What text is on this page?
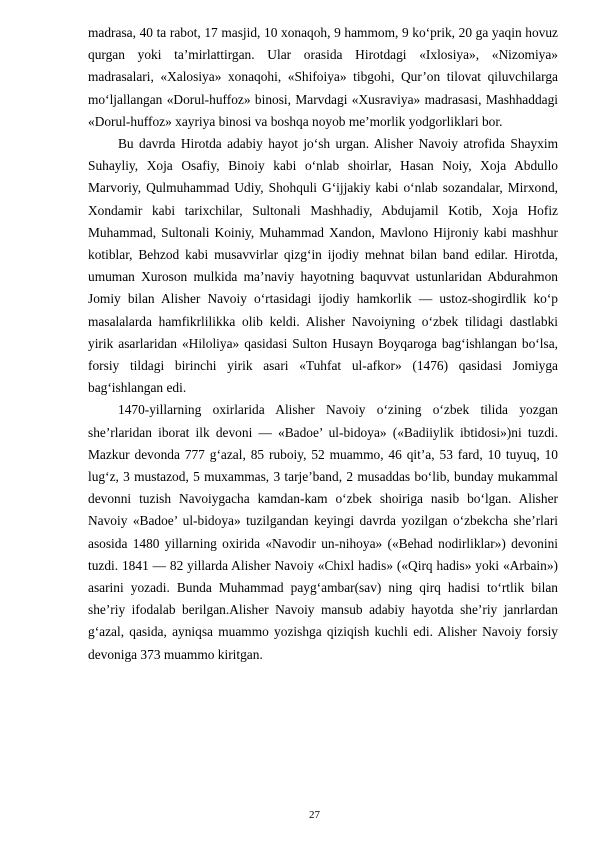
madrasa, 40 ta rabot, 17 masjid, 10 xonaqoh, 9 hammom, 9 ko‘prik, 20 ga yaqin hovuz qurgan yoki ta’mirlattirgan. Ular orasida Hirotdagi «Ixlosiya», «Nizomiya» madrasalari, «Xalosiya» xonaqohi, «Shifoiya» tibgohi, Qur’on tilovat qiluvchilarga mo‘ljallangan «Dorul-huffoz» binosi, Marvdagi «Xusraviya» madrasasi, Mashhaddagi «Dorul-huffoz» xayriya binosi va boshqa noyob me’morlik yodgorliklari bor.

Bu davrda Hirotda adabiy hayot jo‘sh urgan. Alisher Navoiy atrofida Shayxim Suhayliy, Xoja Osafiy, Binoiy kabi o‘nlab shoirlar, Hasan Noiy, Xoja Abdullo Marvoriy, Qulmuhammad Udiy, Shohquli G‘ijjakiy kabi o‘nlab sozandalar, Mirxond, Xondamir kabi tarixchilar, Sultonali Mashhadiy, Abdujamil Kotib, Xoja Hofiz Muhammad, Sultonali Koiniy, Muhammad Xandon, Mavlono Hijroniy kabi mashhur kotiblar, Behzod kabi musavvirlar qizg‘in ijodiy mehnat bilan band edilar. Hirotda, umuman Xuroson mulkida ma’naviy hayotning baquvvat ustunlaridan Abdurahmon Jomiy bilan Alisher Navoiy o‘rtasidagi ijodiy hamkorlik — ustoz-shogirdlik ko‘p masalalarda hamfikrlilikka olib keldi. Alisher Navoiyning o‘zbek tilidagi dastlabki yirik asarlaridan «Hiloliya» qasidasi Sulton Husayn Boyqaroga bag‘ishlangan bo‘lsa, forsiy tildagi birinchi yirik asari «Tuhfat ul-afkor» (1476) qasidasi Jomiyga bag‘ishlangan edi.

1470-yillarning oxirlarida Alisher Navoiy o‘zining o‘zbek tilida yozgan she’rlaridan iborat ilk devoni — «Badoe’ ul-bidoya» («Badiiylik ibtidosi»)ni tuzdi. Mazkur devonda 777 g‘azal, 85 ruboiy, 52 muammo, 46 qit’a, 53 fard, 10 tuyuq, 10 lug‘z, 3 mustazod, 5 muxammas, 3 tarje’band, 2 musaddas bo‘lib, bunday mukammal devonni tuzish Navoiygacha kamdan-kam o‘zbek shoiriga nasib bo‘lgan. Alisher Navoiy «Badoe’ ul-bidoya» tuzilgandan keyingi davrda yozilgan o‘zbekcha she’rlari asosida 1480 yillarning oxirida «Navodir un-nihoya» («Behad nodirliklar») devonini tuzdi. 1841 — 82 yillarda Alisher Navoiy «Chixl hadis» («Qirq hadis» yoki «Arbain») asarini yozadi. Bunda Muhammad payg‘ambar(sav) ning qirq hadisi to‘rtlik bilan she’riy ifodalab berilgan.Alisher Navoiy mansub adabiy hayotda she’riy janrlardan g‘azal, qasida, ayniqsa muammo yozishga qiziqish kuchli edi. Alisher Navoiy forsiy devoniga 373 muammo kiritgan.

27
